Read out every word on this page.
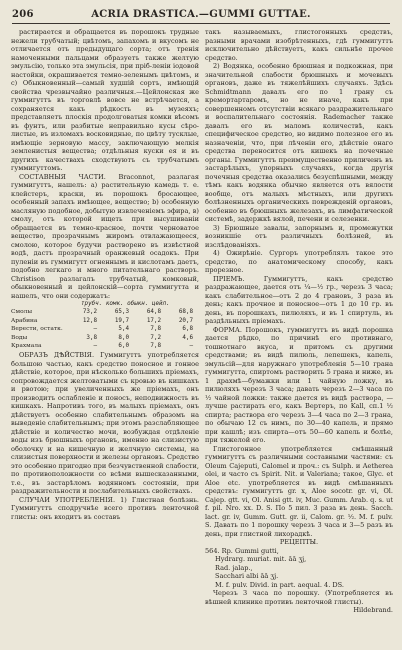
206	ACRIA DRASTICA.—GUMMI GUTTAE.

растирается и обращается въ порошокъ трудные нежели трубчатый; цвѣтомъ, запахомъ и вкусомъ не отличается отъ предыдущаго сорта; отъ тренія намоченными пальцами образуетъ также желтую эмульсію, только эта эмульсія, при пріб-ленiи іодовой настойки, окрашивается темно-зеленымъ цвѣтомъ, и с) Обыкновенный—самый худшій сортъ, имѣющій свойства чрезвычайно различныя.—Цейлонская же гуммигуттъ въ торговлѣ вовсе не встрѣчается, а сохраняется какъ рѣдкость въ музеяхъ; представляетъ плоскія продолговатыя комки вѣсомъ въ фунтъ, или разбитые неправильно кусы сѣро-листые, въ изломахъ восковидные, по цвѣту тусклые, имѣющіе зерновую массу, заключающую мелкія земленистыя вещества; отдѣльныя куски ея и въ другихъ качествахъ сходствуютъ съ трубчатымъ гуммигуттомъ.

СОСТАВНЫЯ ЧАСТИ. Braconnot, разлагая гуммигуттъ, нашелъ: а) растительную камедь т. е. клейстеръ, краски, въ порошокъ бросающее, особенный запахъ имѣющее, вещество; b) особенную масляную подобное, добытую извлеченіемъ эфира, в) смолу, отъ которой ищеть при высушиваніи обращается въ темно-красное, почти черноватое вещество, прозрачнымъ жиромъ отвлажающееся, смолою, которое будучи растворено въ извѣстной водѣ, дастъ прозрачный оранжевый осадокъ. При пуленіи въ гуммигутт огненнымъ и кислотамъ даетъ, подобно легкаго и много питательнаго растворъ. Christison разлагалъ трубчатый, комковый, обыкновенный и цейлонскій—сорта гуммигутта и нашелъ, что они содержатъ:

трубч. комк. обыкн. цейл.
Смолы	73,2	65,3	64,8	68,8
Aрабина	12,8	19,7	17,2	20,7
Верести, остатк.	—	5,4	7,8	6,8
Воды	3,8	8,0	7,2	4,6
Крахмала	—	6,0	7,8	—

ОБРАЗЪ ДѢЙСТВІЯ. Гуммигуттъ употребляется большою частью, какъ средство поносное и гонное дѣйствіе, которое, при нѣсколько большихъ пріемахъ, сопровождается желтоватыми съ кровью въ кишкахъ и рвотою; при увеличенныхъ же пріемахъ, онъ производитъ ослабленіе и поносъ, неподвижность въ кишкахъ. Напротивъ того, въ малыхъ пріемахъ, онъ дѣйствуетъ особенно слабительнымъ образомъ на выведеніе слабительнымъ; при этомъ разслабляющее дѣйствіе и количество мочи, возбуждая отдѣленіе воды изъ брюшныхъ органовъ, именно на слизистую оболочку и на кишечную и желчную системы, на слизистыя поверхности и железы органовъ. Средство это особенно пригодно при безчувственной слабости, по противоположности со всѣми вышесказанными, т.е., въ застарѣломъ водянномъ состояніи, при раздражительности и послабительныхъ свойствахъ.

СЛУЧАИ УПОТРЕБЛЕНІЯ. 1) Глистная болѣзнь. Гуммигуттъ сподручнѣе всего противъ ленточной глисты: онъ входитъ въ составъ

такъ называемыхъ, глистогонныхъ средствъ, разными врачами изобрѣтенныхъ, гдѣ гуммигуттъ исключительно дѣйствуетъ, какъ сильнѣе прочее средство.

2) Водянка, особенно брюшная и подкожная, при значительной слабости брюшныхъ и мочевыхъ органовъ, даже въ тяжелѣйшихъ случаяхъ. Здѣсь Schmidtmann давалъ его по 1 грану съ кремортартаромъ, но не иначе, какъ при совершенномъ отсутствіи всякаго раздражительнаго и воспалительнаго состоянія. Rademacher также давалъ его въ маломъ количествѣ, какъ специфическое средство, но видимо полезное его въ назначеніи, что, при лѣченіи его, дѣйствіе онаго средства переносится отъ кишекъ на почечные органы. Гуммигуттъ преимущественно приличенъ въ застарѣлыхъ, упорныхъ случаяхъ, когда другія почечныя средства оказались безуспѣшными, между тѣмъ какъ водянка обычно является отъ вялости вообще, отъ малыхъ мѣстныхъ, или другихъ болѣзненныхъ органическихъ поврежденій органовъ, особенно въ брюшныхъ железахъ, въ лимфатической системѣ, задержкѣ вялой, печени и селезенки.

3) Брюшные завалы, запорнымъ и, промежутки возникшіе отъ различныхъ болѣзней, въ изслѣдованіяхъ.

4) Ожирѣніе. Сургоръ употреблялъ такое это средство, по анатомическому способу, какъ прорезное.

ПРІЕМЪ. Гуммигуттъ, какъ средство раздражающее, дается отъ ¼—½ гр., черезъ 3 часа; какъ слабительное—отъ 2 до 4 грановъ, 3 раза въ день; какъ прочное и поносное—отъ 1 до 10 гр. въ день, въ порошкахъ, пилюляхъ, и въ 1 спиртуль, въ раздѣльныхъ пріемахъ.

ФОРМА. Порошокъ, гуммигуттъ въ видѣ порошка дается рѣдко, по причинѣ его противнаго, тошнотнаго вкуса, и притомъ съ другими средствами; въ видѣ пилюль, лепешекъ, капель, эмульсій—для наружнаго употребленія 5—10 грана гуммигутта, спиртомъ растворить 5 грана и ниже, въ 1 драхмѣ—бумажки или 1 чайную ложку, въ пилюляхъ черезъ 3 часа; давать черезъ 2—3 часа по ½ чайной ложки: также дается въ видѣ растворa, — лучше растирать его, какъ Вертеръ, по Kall, сп.1 ½ спирта; раствора его черезъ 3—4 часа по 2—3 грана, по обычаю 12 съ нимъ, по 30—40 капель, и прямо при кашлѣ; изъ спирта—отъ 50—60 капель и болѣе, при тяжелой его.

Глистогонное употребляется смѣшанный гуммигуттъ съ различными составными частями: съ Oleum Cajeputi, Calomel и проч.: съ Sulph. и Aetherea olei, и часто съ Spirit. Nit. и Valeriana; такое, Glyc. et Aloe etc. употребляется въ видѣ смѣшанныхъ средствъ: гуммигуттъ gr. x, Aloe socotr. gr. vi, Ol. Cajep. gtt. vi, Ol. Anisi gtt. iv, Muc. Gumm. Arab. q. s. ut f. pil. Nro. xx. D. S. По 5 пил. 3 раза въ день. Sacch. lact. gr. iv, Gumm. Gutt. gr. ii, Calom. gr. ½. M. f. pulv. S. Давать по 1 порошку черезъ 3 часа и 3—5 разъ въ день, при глистной лихорадкѣ.

РЕЦЕПТЫ.

564. Rp. Gummi gutti,

Hydrarg. muriat. mit. āā ʒj,
Rad. jalap.,
Sacchari albi āā ʒj.
M. f. pulv. Divid. in part. aequal. 4. DS.

Черезъ 3 часа по порошку. (Употребляется въ вѣшней клинике противъ ленточной глисты).

Hildebrand.
